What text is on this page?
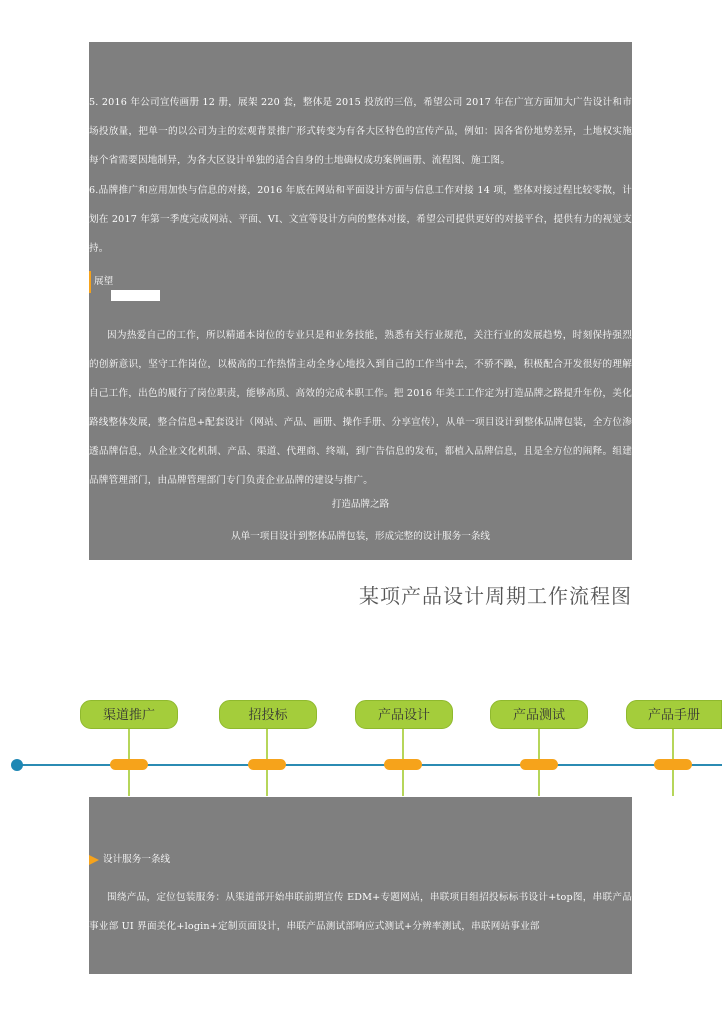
5. 2016 年公司宣传画册 12 册，展架 220 套，整体是 2015 投放的三倍，希望公司 2017 年在广宣方面加大广告设计和市场投放量，把单一的以公司为主的宏观背景推广形式转变为有各大区特色的宣传产品，例如：因各省份地势差异，土地权实施每个省需要因地制异，为各大区设计单独的适合自身的土地确权成功案例画册、流程图、施工图。

6.品牌推广和应用加快与信息的对接，2016 年底在网站和平面设计方面与信息工作对接 14 项，整体对接过程比较零散，计划在 2017 年第一季度完成网站、平面、VI、文宣等设计方向的整体对接，希望公司提供更好的对接平台，提供有力的视觉支持。

展望

因为热爱自己的工作，所以精通本岗位的专业只是和业务技能，熟悉有关行业规范，关注行业的发展趋势，时刻保持强烈的创新意识，坚守工作岗位，以极高的工作热情主动全身心地投入到自己的工作当中去，不骄不躁，积极配合开发很好的理解自己工作，出色的履行了岗位职责，能够高质、高效的完成本职工作。把 2016 年美工工作定为打造品牌之路提升年份，美化路线整体发展，整合信息+配套设计（网站、产品、画册、操作手册、分享宣传），从单一项目设计到整体品牌包装，全方位渗透品牌信息，从企业文化机制、产品、渠道、代理商、终端，到广告信息的发布，都植入品牌信息，且是全方位的闹释。组建品牌管理部门，由品牌管理部门专门负责企业品牌的建设与推广。

打造品牌之路
从单一项目设计到整体品牌包装，形成完整的设计服务一条线
某项产品设计周期工作流程图
渠道推广	招投标	产品设计	产品测试	产品手册
设计服务一条线

围绕产品，定位包装服务：从渠道部开始串联前期宣传 EDM+专题网站，串联项目组招投标标书设计+top图，串联产品事业部 UI 界面美化+login+定制页面设计，串联产品测试部响应式测试+分辨率测试，串联网站事业部
